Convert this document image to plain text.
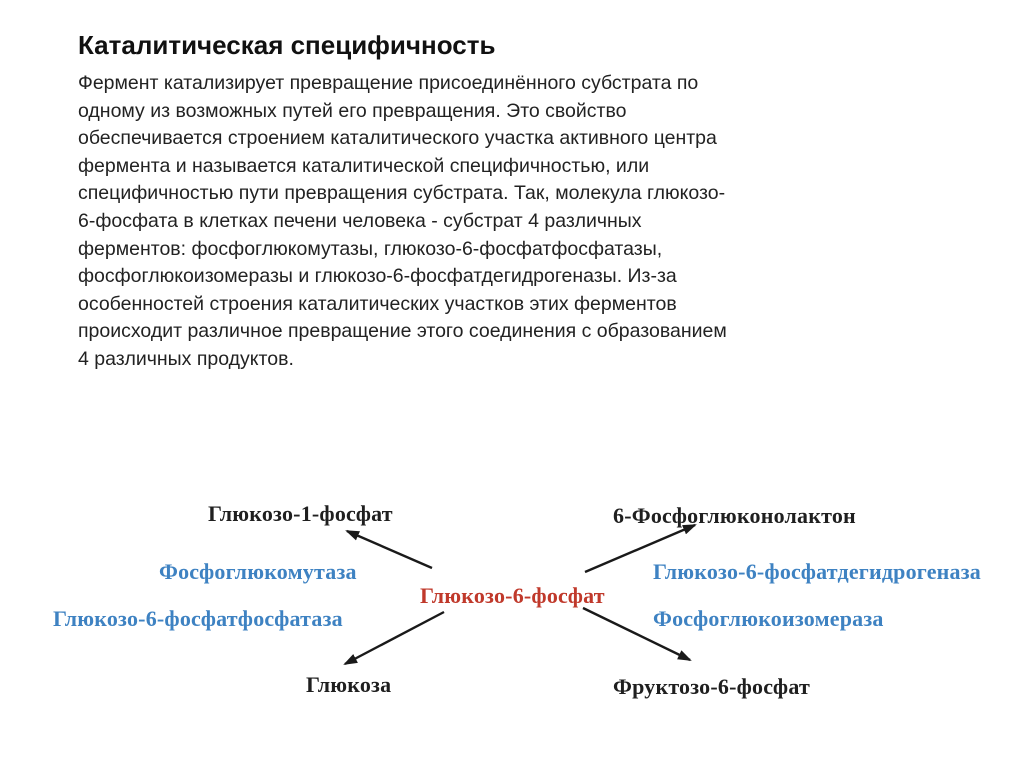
Каталитическая специфичность
Фермент катализирует превращение присоединённого субстрата по
одному из возможных путей его превращения. Это свойство
обеспечивается строением каталитического участка активного центра
фермента и называется каталитической специфичностью, или
специфичностью пути превращения субстрата. Так, молекула глюкозо-
6-фосфата в клетках печени человека - субстрат 4 различных
ферментов: фосфоглюкомутазы, глюкозо-6-фосфатфосфатазы,
фосфоглюкоизомеразы и глюкозо-6-фосфатдегидрогеназы. Из-за
особенностей строения каталитических участков этих ферментов
происходит различное превращение этого соединения с образованием
4 различных продуктов.
Глюкозо-1-фосфат	6-Фосфоглюконолактон
Фосфоглюкомутаза	Глюкозо-6-фосфатдегидрогеназа
Глюкозо-6-фосфат
Глюкозо-6-фосфатфосфатаза	Фосфоглюкоизомераза
Глюкоза	Фруктозо-6-фосфат
